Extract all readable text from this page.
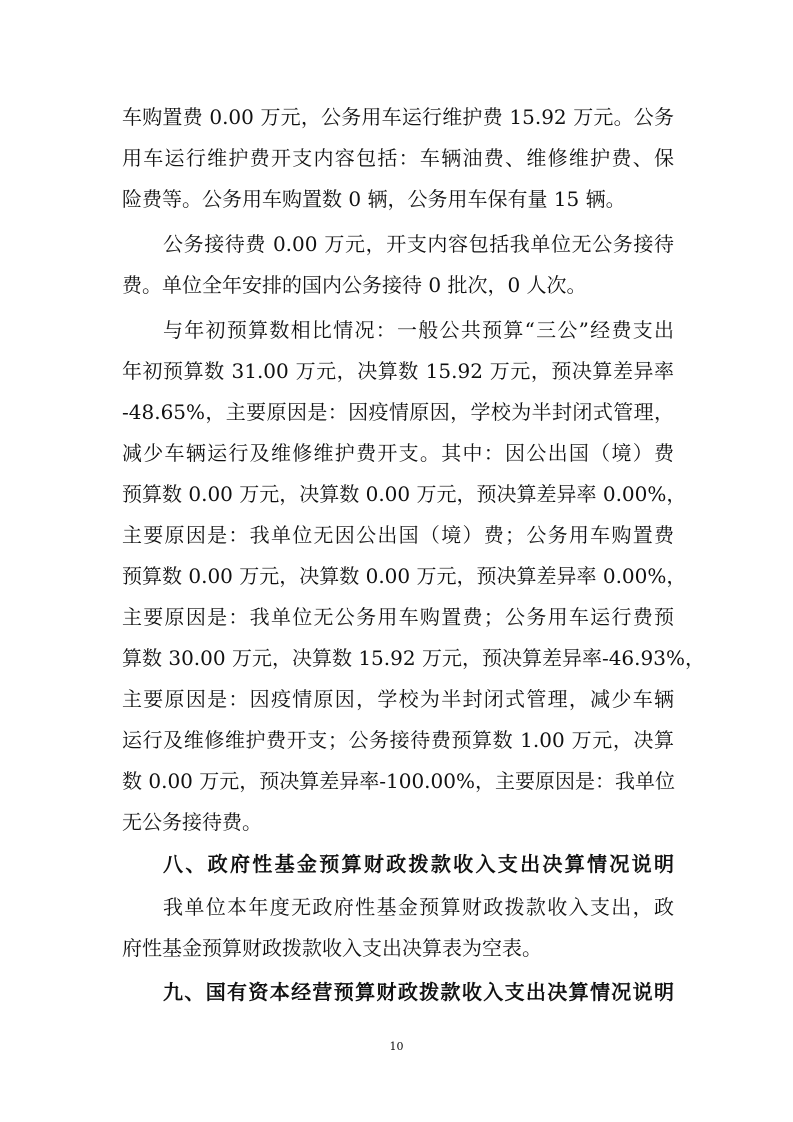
车购置费 0.00 万元，公务用车运行维护费 15.92 万元。公务
用车运行维护费开支内容包括：车辆油费、维修维护费、保
险费等。公务用车购置数 0 辆，公务用车保有量 15 辆。
公务接待费 0.00 万元，开支内容包括我单位无公务接待
费。单位全年安排的国内公务接待 0 批次，0 人次。
与年初预算数相比情况：一般公共预算“三公”经费支出
年初预算数 31.00 万元，决算数 15.92 万元，预决算差异率
-48.65%，主要原因是：因疫情原因，学校为半封闭式管理，
减少车辆运行及维修维护费开支。其中：因公出国（境）费
预算数 0.00 万元，决算数 0.00 万元，预决算差异率 0.00%，
主要原因是：我单位无因公出国（境）费；公务用车购置费
预算数 0.00 万元，决算数 0.00 万元，预决算差异率 0.00%，
主要原因是：我单位无公务用车购置费；公务用车运行费预
算数 30.00 万元，决算数 15.92 万元，预决算差异率-46.93%，
主要原因是：因疫情原因，学校为半封闭式管理，减少车辆
运行及维修维护费开支；公务接待费预算数 1.00 万元，决算
数 0.00 万元，预决算差异率-100.00%，主要原因是：我单位
无公务接待费。
八、政府性基金预算财政拨款收入支出决算情况说明
我单位本年度无政府性基金预算财政拨款收入支出，政
府性基金预算财政拨款收入支出决算表为空表。
九、国有资本经营预算财政拨款收入支出决算情况说明
10
